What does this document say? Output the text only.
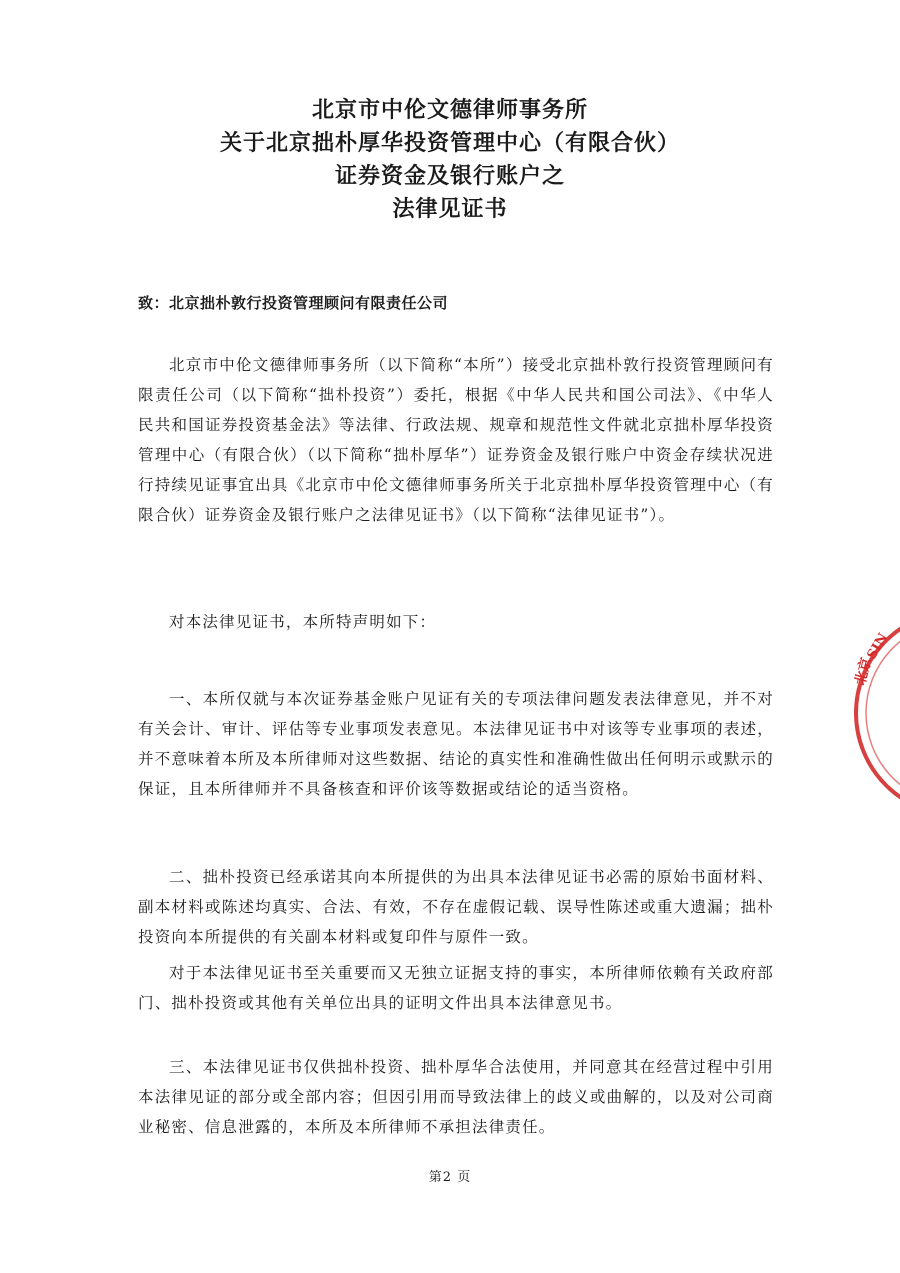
北京市中伦文德律师事务所

关于北京拙朴厚华投资管理中心（有限合伙）

证券资金及银行账户之

法律见证书

致：北京拙朴敦行投资管理顾问有限责任公司

北京市中伦文德律师事务所（以下简称“本所”）接受北京拙朴敦行投资管理顾问有限责任公司（以下简称“拙朴投资”）委托，根据《中华人民共和国公司法》、《中华人民共和国证券投资基金法》等法律、行政法规、规章和规范性文件就北京拙朴厚华投资管理中心（有限合伙）（以下简称“拙朴厚华”）证券资金及银行账户中资金存续状况进行持续见证事宜出具《北京市中伦文德律师事务所关于北京拙朴厚华投资管理中心（有限合伙）证券资金及银行账户之法律见证书》（以下简称“法律见证书”）。

对本法律见证书，本所特声明如下：

一、本所仅就与本次证券基金账户见证有关的专项法律问题发表法律意见，并不对有关会计、审计、评估等专业事项发表意见。本法律见证书中对该等专业事项的表述，并不意味着本所及本所律师对这些数据、结论的真实性和准确性做出任何明示或默示的保证，且本所律师并不具备核查和评价该等数据或结论的适当资格。

二、拙朴投资已经承诺其向本所提供的为出具本法律见证书必需的原始书面材料、副本材料或陈述均真实、合法、有效，不存在虚假记载、误导性陈述或重大遗漏；拙朴投资向本所提供的有关副本材料或复印件与原件一致。

对于本法律见证书至关重要而又无独立证据支持的事实，本所律师依赖有关政府部门、拙朴投资或其他有关单位出具的证明文件出具本法律意见书。

三、本法律见证书仅供拙朴投资、拙朴厚华合法使用，并同意其在经营过程中引用本法律见证的部分或全部内容；但因引用而导致法律上的歧义或曲解的，以及对公司商业秘密、信息泄露的，本所及本所律师不承担法律责任。

第2 页
SIN
北京
